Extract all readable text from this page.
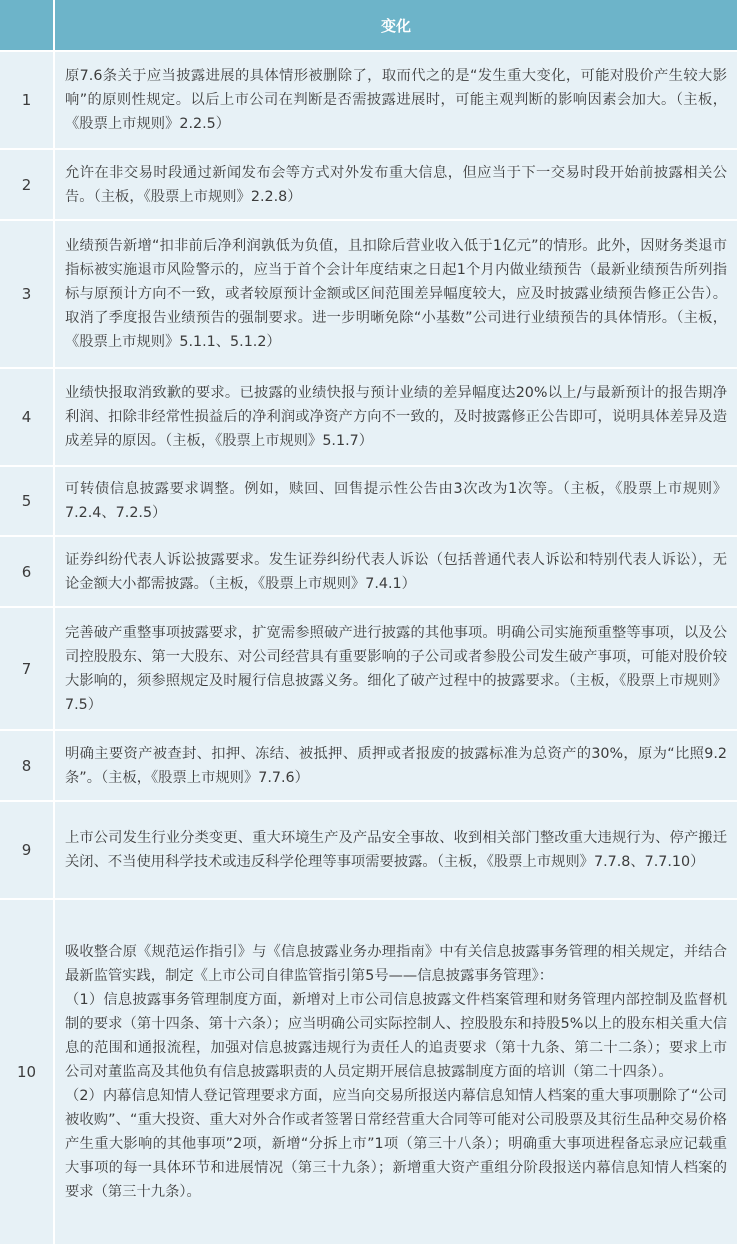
	变化
1	原7.6条关于应当披露进展的具体情形被删除了，取而代之的是“发生重大变化，可能对股价产生较大影响”的原则性规定。以后上市公司在判断是否需披露进展时，可能主观判断的影响因素会加大。（主板，《股票上市规则》2.2.5）
2	允许在非交易时段通过新闻发布会等方式对外发布重大信息，但应当于下一交易时段开始前披露相关公告。（主板，《股票上市规则》2.2.8）
3	业绩预告新增“扣非前后净利润孰低为负值，且扣除后营业收入低于1亿元”的情形。此外，因财务类退市指标被实施退市风险警示的，应当于首个会计年度结束之日起1个月内做业绩预告（最新业绩预告所列指标与原预计方向不一致，或者较原预计金额或区间范围差异幅度较大，应及时披露业绩预告修正公告）。取消了季度报告业绩预告的强制要求。进一步明晰免除“小基数”公司进行业绩预告的具体情形。（主板，《股票上市规则》5.1.1、5.1.2）
4	业绩快报取消致歉的要求。已披露的业绩快报与预计业绩的差异幅度达20%以上/与最新预计的报告期净利润、扣除非经常性损益后的净利润或净资产方向不一致的，及时披露修正公告即可，说明具体差异及造成差异的原因。（主板，《股票上市规则》5.1.7）
5	可转债信息披露要求调整。例如，赎回、回售提示性公告由3次改为1次等。（主板，《股票上市规则》7.2.4、7.2.5）
6	证券纠纷代表人诉讼披露要求。发生证券纠纷代表人诉讼（包括普通代表人诉讼和特别代表人诉讼），无论金额大小都需披露。（主板，《股票上市规则》7.4.1）
7	完善破产重整事项披露要求，扩宽需参照破产进行披露的其他事项。明确公司实施预重整等事项，以及公司控股股东、第一大股东、对公司经营具有重要影响的子公司或者参股公司发生破产事项，可能对股价较大影响的，须参照规定及时履行信息披露义务。细化了破产过程中的披露要求。（主板，《股票上市规则》7.5）
8	明确主要资产被查封、扣押、冻结、被抵押、质押或者报废的披露标准为总资产的30%，原为“比照9.2条”。（主板，《股票上市规则》7.7.6）
9	上市公司发生行业分类变更、重大环境生产及产品安全事故、收到相关部门整改重大违规行为、停产搬迁关闭、不当使用科学技术或违反科学伦理等事项需要披露。（主板，《股票上市规则》7.7.8、7.7.10）
10	吸收整合原《规范运作指引》与《信息披露业务办理指南》中有关信息披露事务管理的相关规定，并结合最新监管实践，制定《上市公司自律监管指引第5号——信息披露事务管理》：

（1）信息披露事务管理制度方面，新增对上市公司信息披露文件档案管理和财务管理内部控制及监督机制的要求（第十四条、第十六条）；应当明确公司实际控制人、控股股东和持股5%以上的股东相关重大信息的范围和通报流程，加强对信息披露违规行为责任人的追责要求（第十九条、第二十二条）；要求上市公司对董监高及其他负有信息披露职责的人员定期开展信息披露制度方面的培训（第二十四条）。

（2）内幕信息知情人登记管理要求方面，应当向交易所报送内幕信息知情人档案的重大事项删除了“公司被收购”、“重大投资、重大对外合作或者签署日常经营重大合同等可能对公司股票及其衍生品种交易价格产生重大影响的其他事项”2项，新增“分拆上市”1项（第三十八条）；明确重大事项进程备忘录应记载重大事项的每一具体环节和进展情况（第三十九条）；新增重大资产重组分阶段报送内幕信息知情人档案的要求（第三十九条）。
